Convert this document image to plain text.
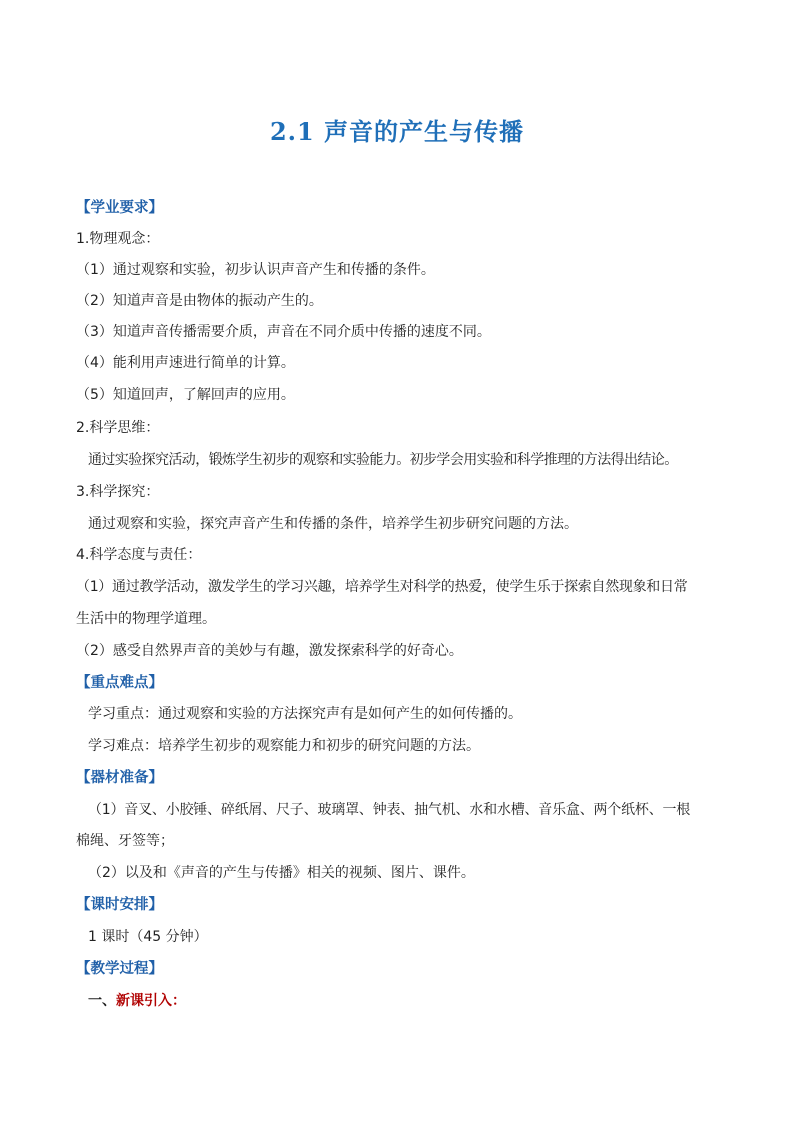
2.1 声音的产生与传播
【学业要求】
1.物理观念：
（1）通过观察和实验，初步认识声音产生和传播的条件。
（2）知道声音是由物体的振动产生的。
（3）知道声音传播需要介质，声音在不同介质中传播的速度不同。
（4）能利用声速进行简单的计算。
（5）知道回声，了解回声的应用。
2.科学思维：
通过实验探究活动，锻炼学生初步的观察和实验能力。初步学会用实验和科学推理的方法得出结论。
3.科学探究：
通过观察和实验，探究声音产生和传播的条件，培养学生初步研究问题的方法。
4.科学态度与责任：
（1）通过教学活动，激发学生的学习兴趣，培养学生对科学的热爱，使学生乐于探索自然现象和日常
生活中的物理学道理。
（2）感受自然界声音的美妙与有趣，激发探索科学的好奇心。
【重点难点】
学习重点：通过观察和实验的方法探究声有是如何产生的如何传播的。
学习难点：培养学生初步的观察能力和初步的研究问题的方法。
【器材准备】
（1）音叉、小胶锤、碎纸屑、尺子、玻璃罩、钟表、抽气机、水和水槽、音乐盒、两个纸杯、一根
棉绳、牙签等；
（2）以及和《声音的产生与传播》相关的视频、图片、课件。
【课时安排】
1 课时（45 分钟）
【教学过程】
一、新课引入：
